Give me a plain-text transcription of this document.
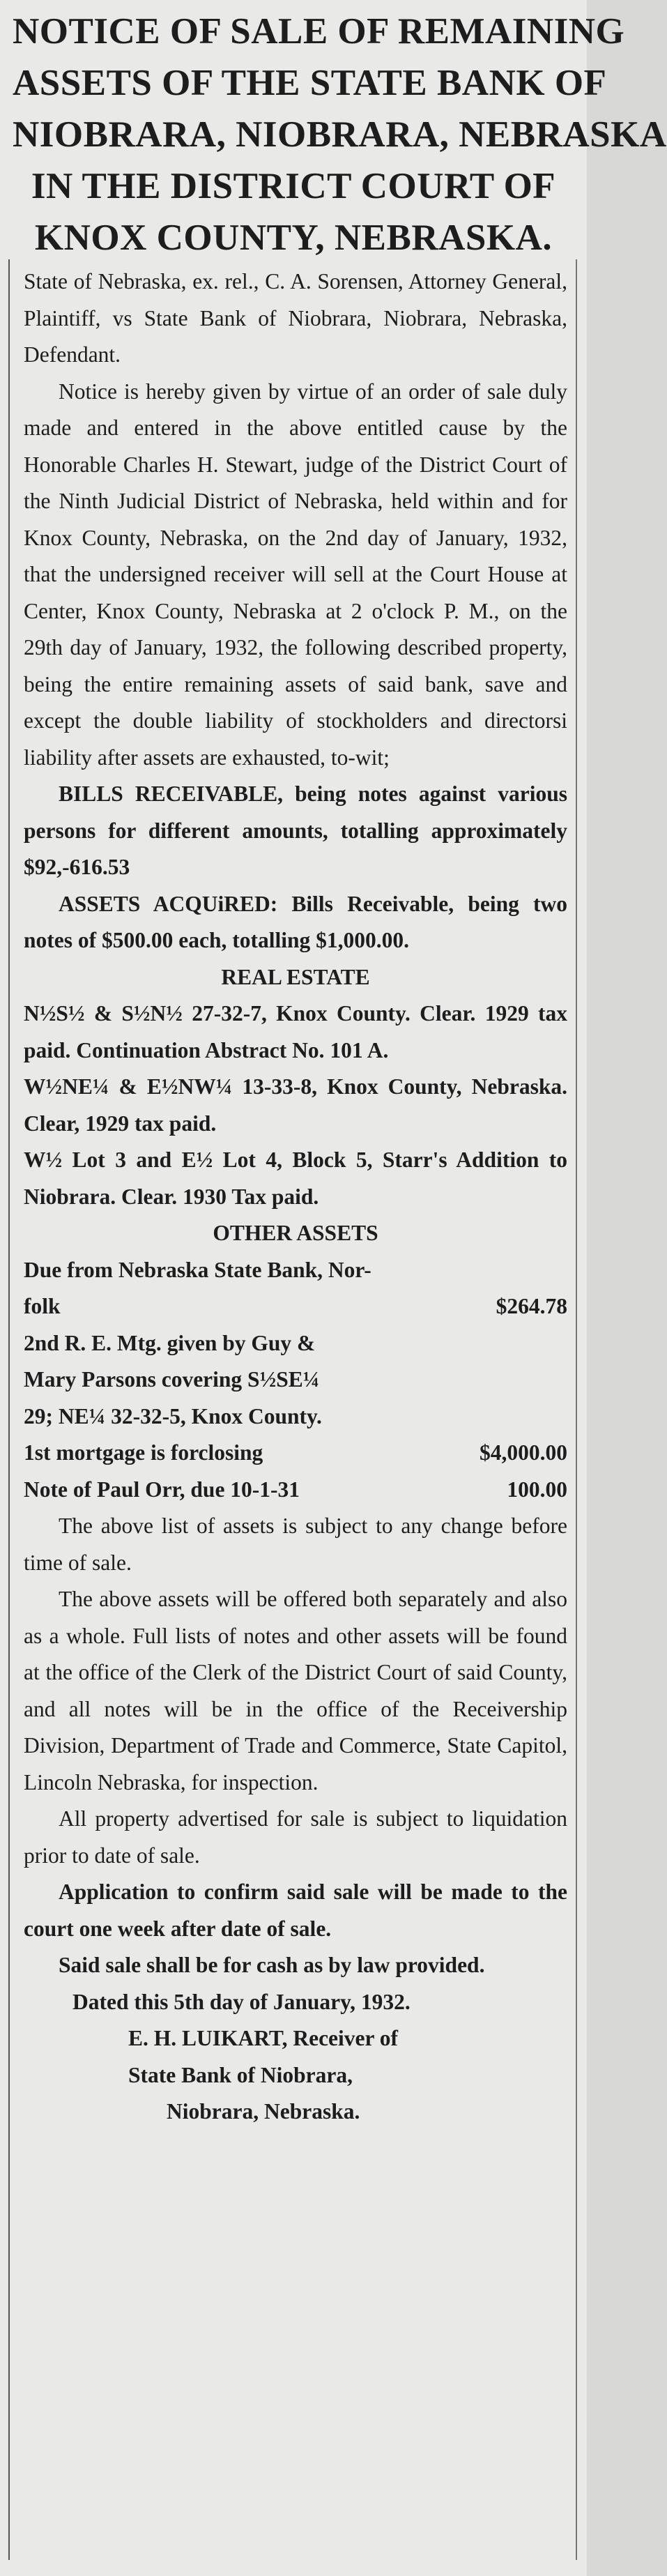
NOTICE OF SALE OF REMAINING

ASSETS OF THE STATE BANK OF

NIOBRARA, NIOBRARA, NEBRASKA

IN THE DISTRICT COURT OF

KNOX COUNTY, NEBRASKA.

State of Nebraska, ex. rel., C. A. Sorensen, Attorney General, Plaintiff, vs State Bank of Niobrara, Niobrara, Nebraska, Defendant.

Notice is hereby given by virtue of an order of sale duly made and entered in the above entitled cause by the Honorable Charles H. Stewart, judge of the District Court of the Ninth Judicial District of Nebraska, held within and for Knox County, Nebraska, on the 2nd day of January, 1932, that the undersigned receiver will sell at the Court House at Center, Knox County, Nebraska at 2 o'clock P. M., on the 29th day of January, 1932, the following described property, being the entire remaining assets of said bank, save and except the double liability of stockholders and directorsi liability after assets are exhausted, to-wit;

BILLS RECEIVABLE, being notes against various persons for different amounts, totalling approximately $92,-616.53

ASSETS ACQUiRED: Bills Receivable, being two notes of $500.00 each, totalling $1,000.00.

REAL ESTATE

N½S½ & S½N½ 27-32-7, Knox County. Clear. 1929 tax paid. Continuation Abstract No. 101 A.

W½NE¼ & E½NW¼ 13-33-8, Knox County, Nebraska. Clear, 1929 tax paid.

W½ Lot 3 and E½ Lot 4, Block 5, Starr's Addition to Niobrara. Clear. 1930 Tax paid.

OTHER ASSETS

Due from Nebraska State Bank, Nor-

folk	$264.78

2nd R. E. Mtg. given by Guy &

Mary Parsons covering S½SE¼

29; NE¼ 32-32-5, Knox County.

1st mortgage is forclosing	$4,000.00
Note of Paul Orr, due 10-1-31	100.00

The above list of assets is subject to any change before time of sale.

The above assets will be offered both separately and also as a whole. Full lists of notes and other assets will be found at the office of the Clerk of the District Court of said County, and all notes will be in the office of the Receivership Division, Department of Trade and Commerce, State Capitol, Lincoln Nebraska, for inspection.

All property advertised for sale is subject to liquidation prior to date of sale.

Application to confirm said sale will be made to the court one week after date of sale.

Said sale shall be for cash as by law provided.

Dated this 5th day of January, 1932.

E. H. LUIKART, Receiver of

State Bank of Niobrara,

Niobrara, Nebraska.
